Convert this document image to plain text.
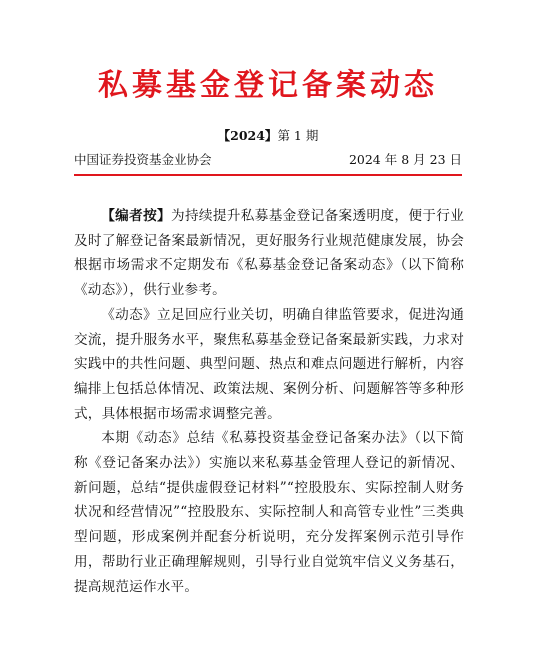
私募基金登记备案动态
【2024】第 1 期
中国证券投资基金业协会	2024 年 8 月 23 日

【编者按】为持续提升私募基金登记备案透明度，便于行业及时了解登记备案最新情况，更好服务行业规范健康发展，协会根据市场需求不定期发布《私募基金登记备案动态》（以下简称《动态》），供行业参考。

《动态》立足回应行业关切，明确自律监管要求，促进沟通交流，提升服务水平，聚焦私募基金登记备案最新实践，力求对实践中的共性问题、典型问题、热点和难点问题进行解析，内容编排上包括总体情况、政策法规、案例分析、问题解答等多种形式，具体根据市场需求调整完善。

本期《动态》总结《私募投资基金登记备案办法》（以下简称《登记备案办法》）实施以来私募基金管理人登记的新情况、新问题，总结“提供虚假登记材料”“控股股东、实际控制人财务状况和经营情况”“控股股东、实际控制人和高管专业性”三类典型问题，形成案例并配套分析说明，充分发挥案例示范引导作用，帮助行业正确理解规则，引导行业自觉筑牢信义义务基石，提高规范运作水平。
